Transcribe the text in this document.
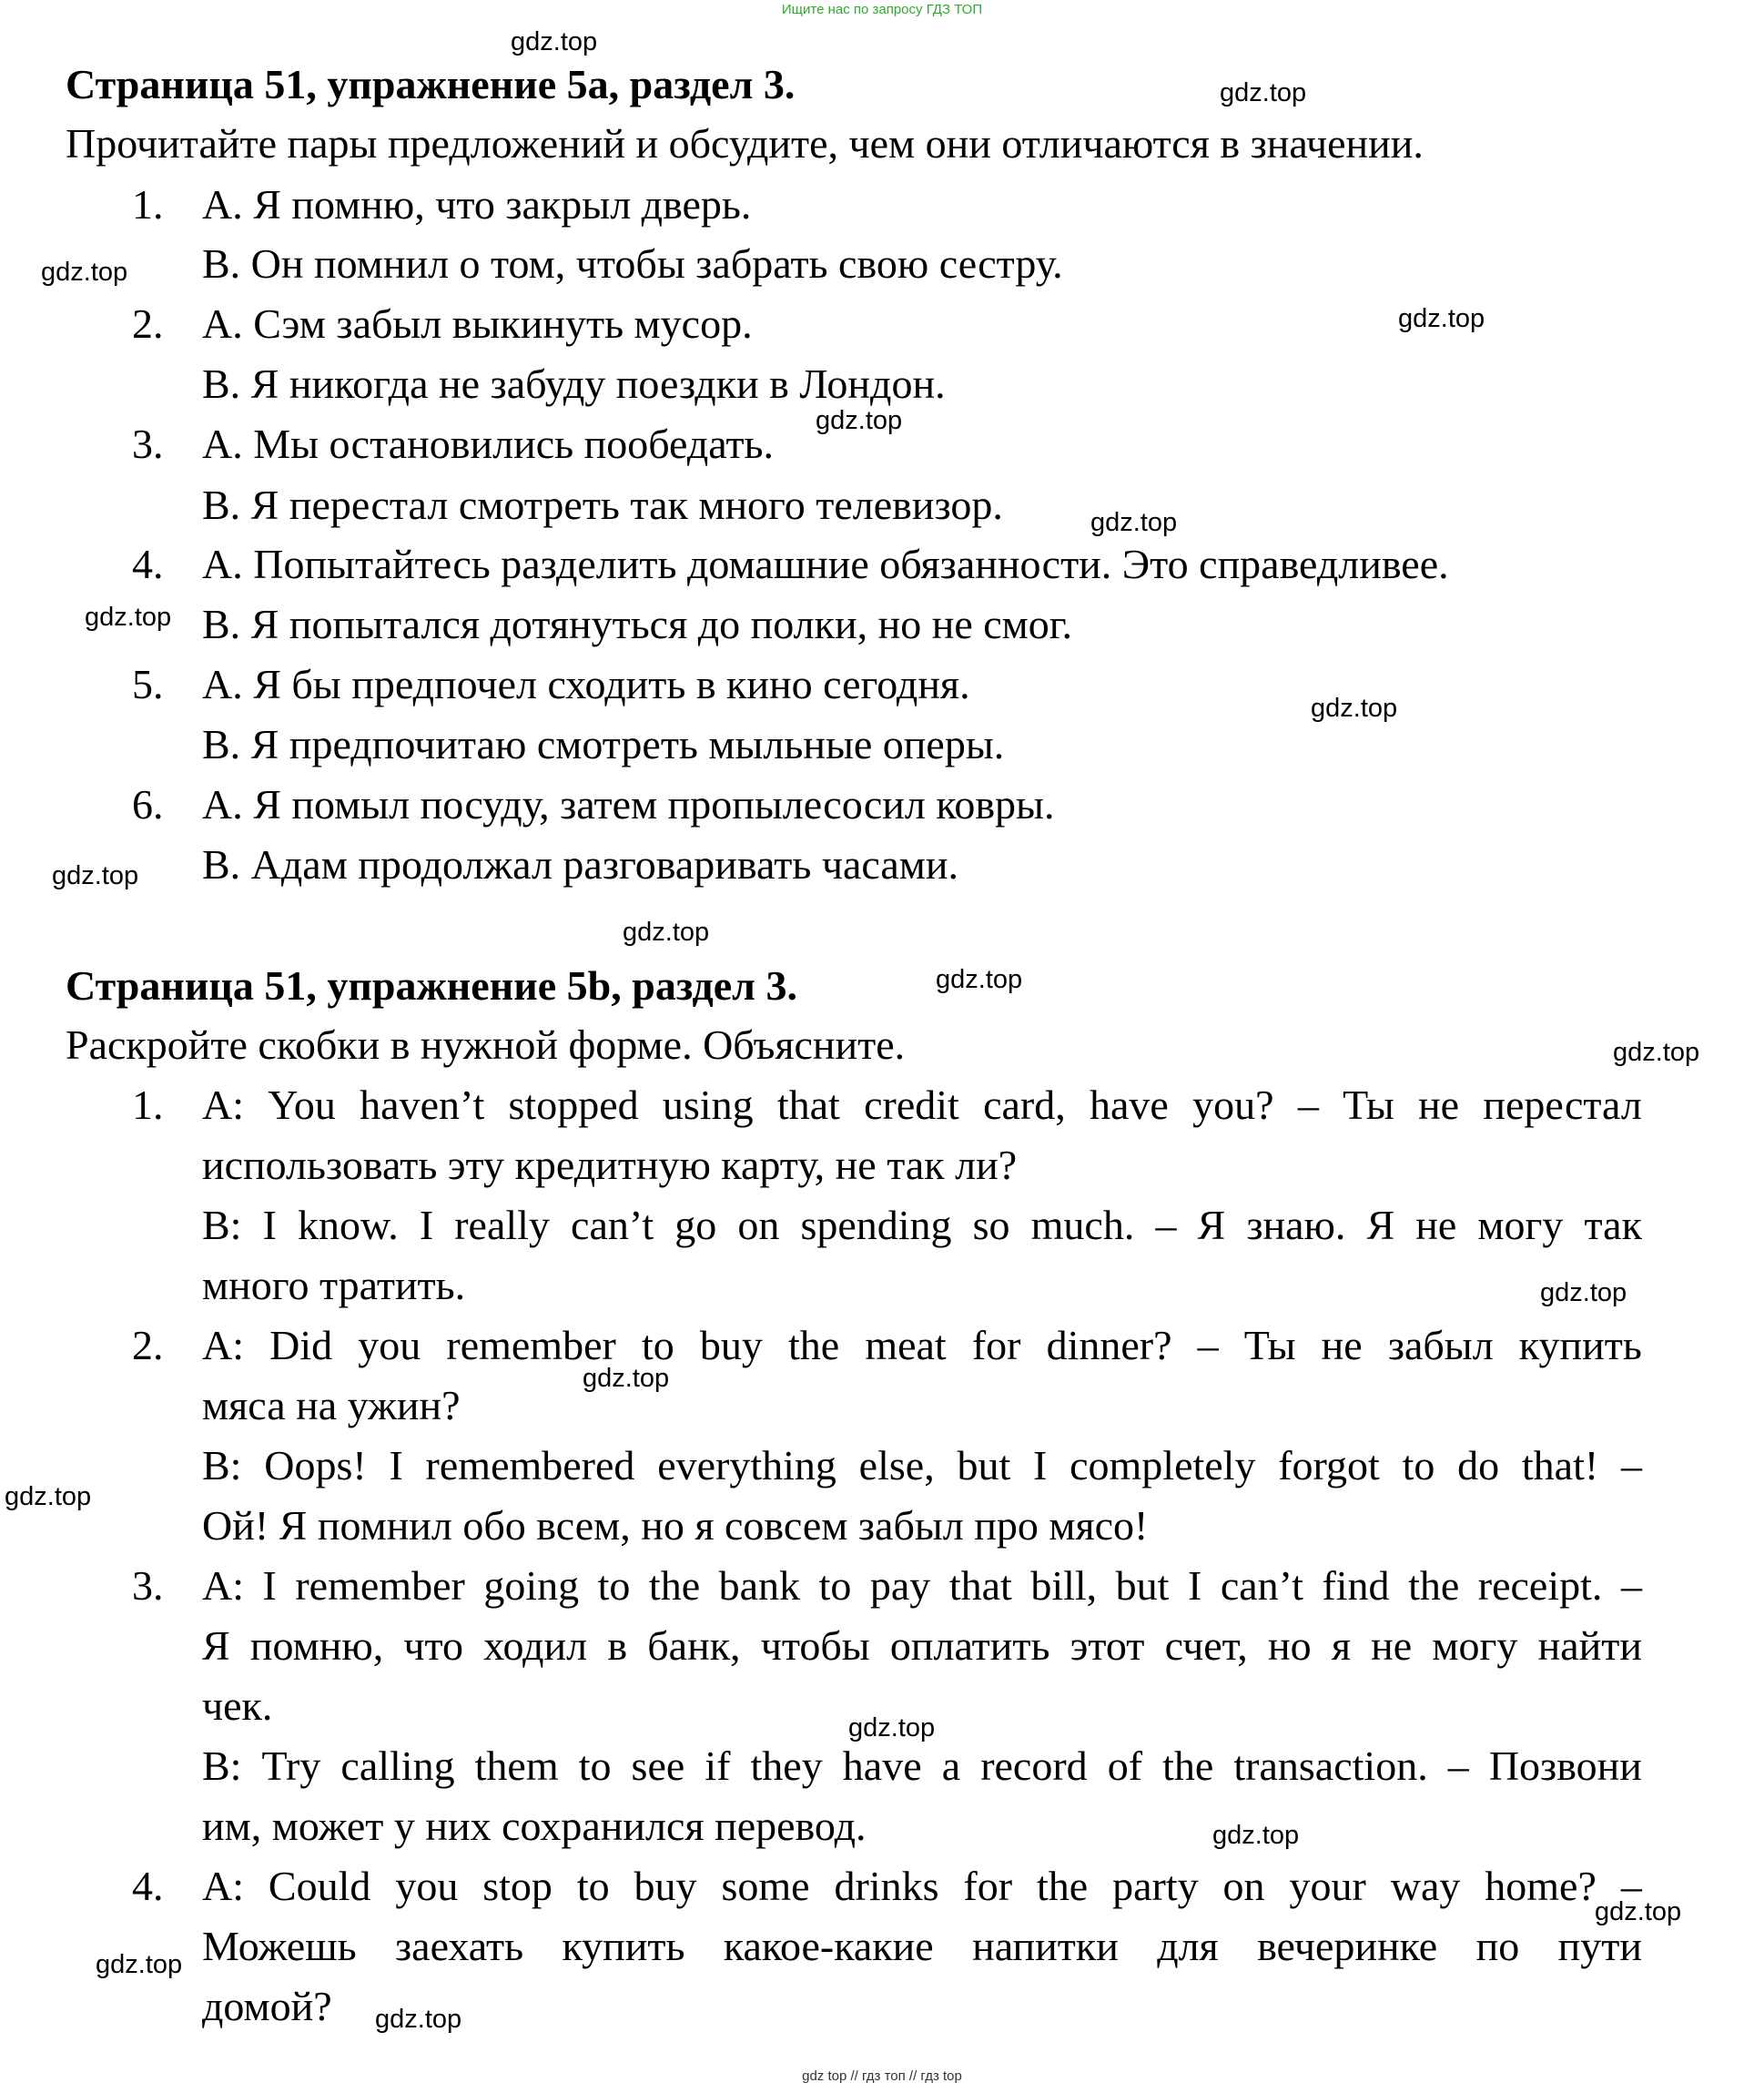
Ищите нас по запросу ГДЗ ТОП
Страница 51, упражнение 5а, раздел 3.
Прочитайте пары предложений и обсудите, чем они отличаются в значении.
1. A. Я помню, что закрыл дверь.
B. Он помнил о том, чтобы забрать свою сестру.
2. A. Сэм забыл выкинуть мусор.
B. Я никогда не забуду поездки в Лондон.
3. A. Мы остановились пообедать.
B. Я перестал смотреть так много телевизор.
4. A. Попытайтесь разделить домашние обязанности. Это справедливее.
B. Я попытался дотянуться до полки, но не смог.
5. A. Я бы предпочел сходить в кино сегодня.
B. Я предпочитаю смотреть мыльные оперы.
6. A. Я помыл посуду, затем пропылесосил ковры.
B. Адам продолжал разговаривать часами.
Страница 51, упражнение 5b, раздел 3.
Раскройте скобки в нужной форме. Объясните.
1. A: You haven’t stopped using that credit card, have you? – Ты не перестал
использовать эту кредитную карту, не так ли?
B: I know. I really can’t go on spending so much. – Я знаю. Я не могу так
много тратить.
2. A: Did you remember to buy the meat for dinner? – Ты не забыл купить
мяса на ужин?
B: Oops! I remembered everything else, but I completely forgot to do that! –
Ой! Я помнил обо всем, но я совсем забыл про мясо!
3. A: I remember going to the bank to pay that bill, but I can’t find the receipt. –
Я помню, что ходил в банк, чтобы оплатить этот счет, но я не могу найти
чек.
B: Try calling them to see if they have a record of the transaction. – Позвони
им, может у них сохранился перевод.
4. A: Could you stop to buy some drinks for the party on your way home? –
Можешь заехать купить какое-какие напитки для вечеринке по пути
домой?
gdz.top
gdz.top
gdz.top
gdz.top
gdz.top
gdz.top
gdz.top
gdz.top
gdz.top
gdz.top
gdz.top
gdz.top
gdz.top
gdz.top
gdz.top
gdz.top
gdz.top
gdz.top
gdz.top
gdz.top
gdz top // гдз топ // гдз top
